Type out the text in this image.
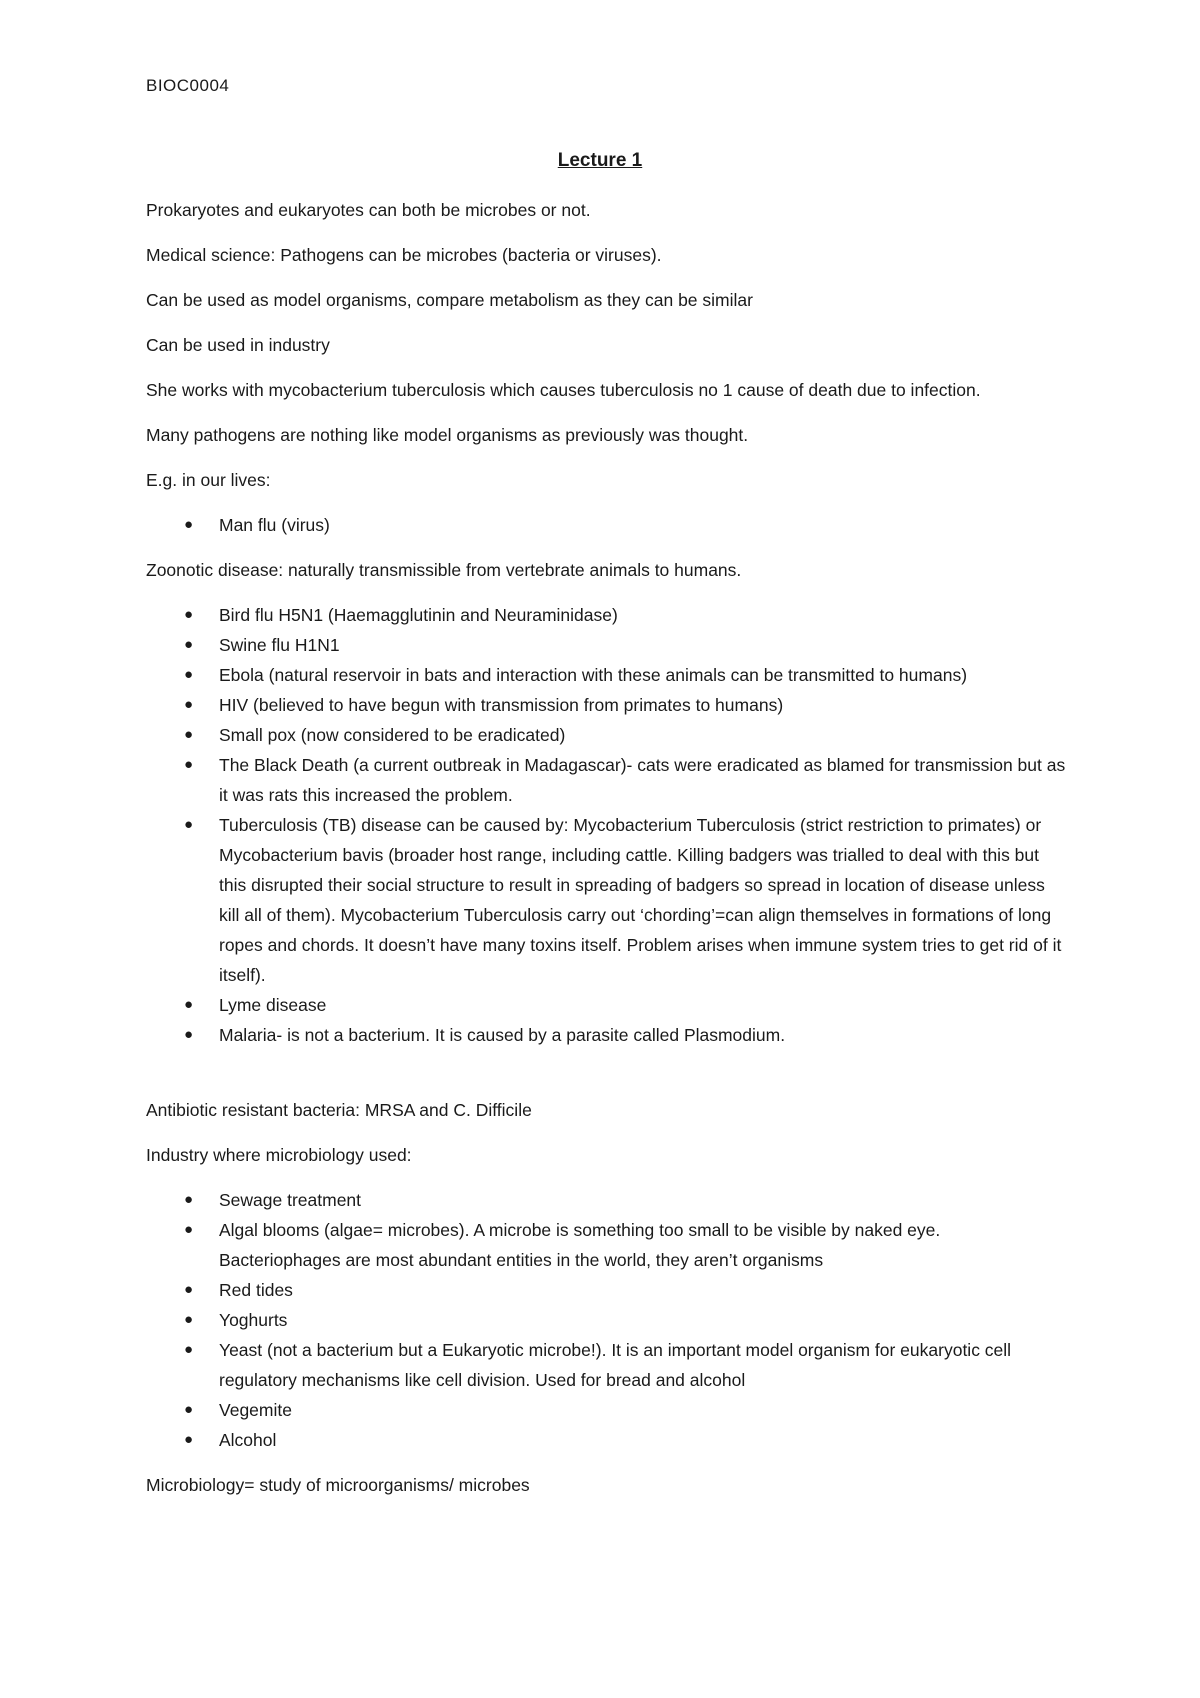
BIOC0004
Lecture 1

Prokaryotes and eukaryotes can both be microbes or not.

Medical science: Pathogens can be microbes (bacteria or viruses).

Can be used as model organisms, compare metabolism as they can be similar

Can be used in industry

She works with mycobacterium tuberculosis which causes tuberculosis no 1 cause of death due to infection.

Many pathogens are nothing like model organisms as previously was thought.

E.g. in our lives:

● Man flu (virus)

Zoonotic disease: naturally transmissible from vertebrate animals to humans.

● Bird flu H5N1 (Haemagglutinin and Neuraminidase)
● Swine flu H1N1
● Ebola (natural reservoir in bats and interaction with these animals can be transmitted to humans)
● HIV (believed to have begun with transmission from primates to humans)
● Small pox (now considered to be eradicated)
● The Black Death (a current outbreak in Madagascar)- cats were eradicated as blamed for transmission but as it was rats this increased the problem.
● Tuberculosis (TB) disease can be caused by: Mycobacterium Tuberculosis (strict restriction to primates) or Mycobacterium bavis (broader host range, including cattle. Killing badgers was trialled to deal with this but this disrupted their social structure to result in spreading of badgers so spread in location of disease unless kill all of them). Mycobacterium Tuberculosis carry out ‘chording’=can align themselves in formations of long ropes and chords. It doesn’t have many toxins itself. Problem arises when immune system tries to get rid of it itself).
● Lyme disease
● Malaria- is not a bacterium. It is caused by a parasite called Plasmodium.

Antibiotic resistant bacteria: MRSA and C. Difficile

Industry where microbiology used:

● Sewage treatment
● Algal blooms (algae= microbes). A microbe is something too small to be visible by naked eye. Bacteriophages are most abundant entities in the world, they aren’t organisms
● Red tides
● Yoghurts
● Yeast (not a bacterium but a Eukaryotic microbe!). It is an important model organism for eukaryotic cell regulatory mechanisms like cell division. Used for bread and alcohol
● Vegemite
● Alcohol

Microbiology= study of microorganisms/ microbes
